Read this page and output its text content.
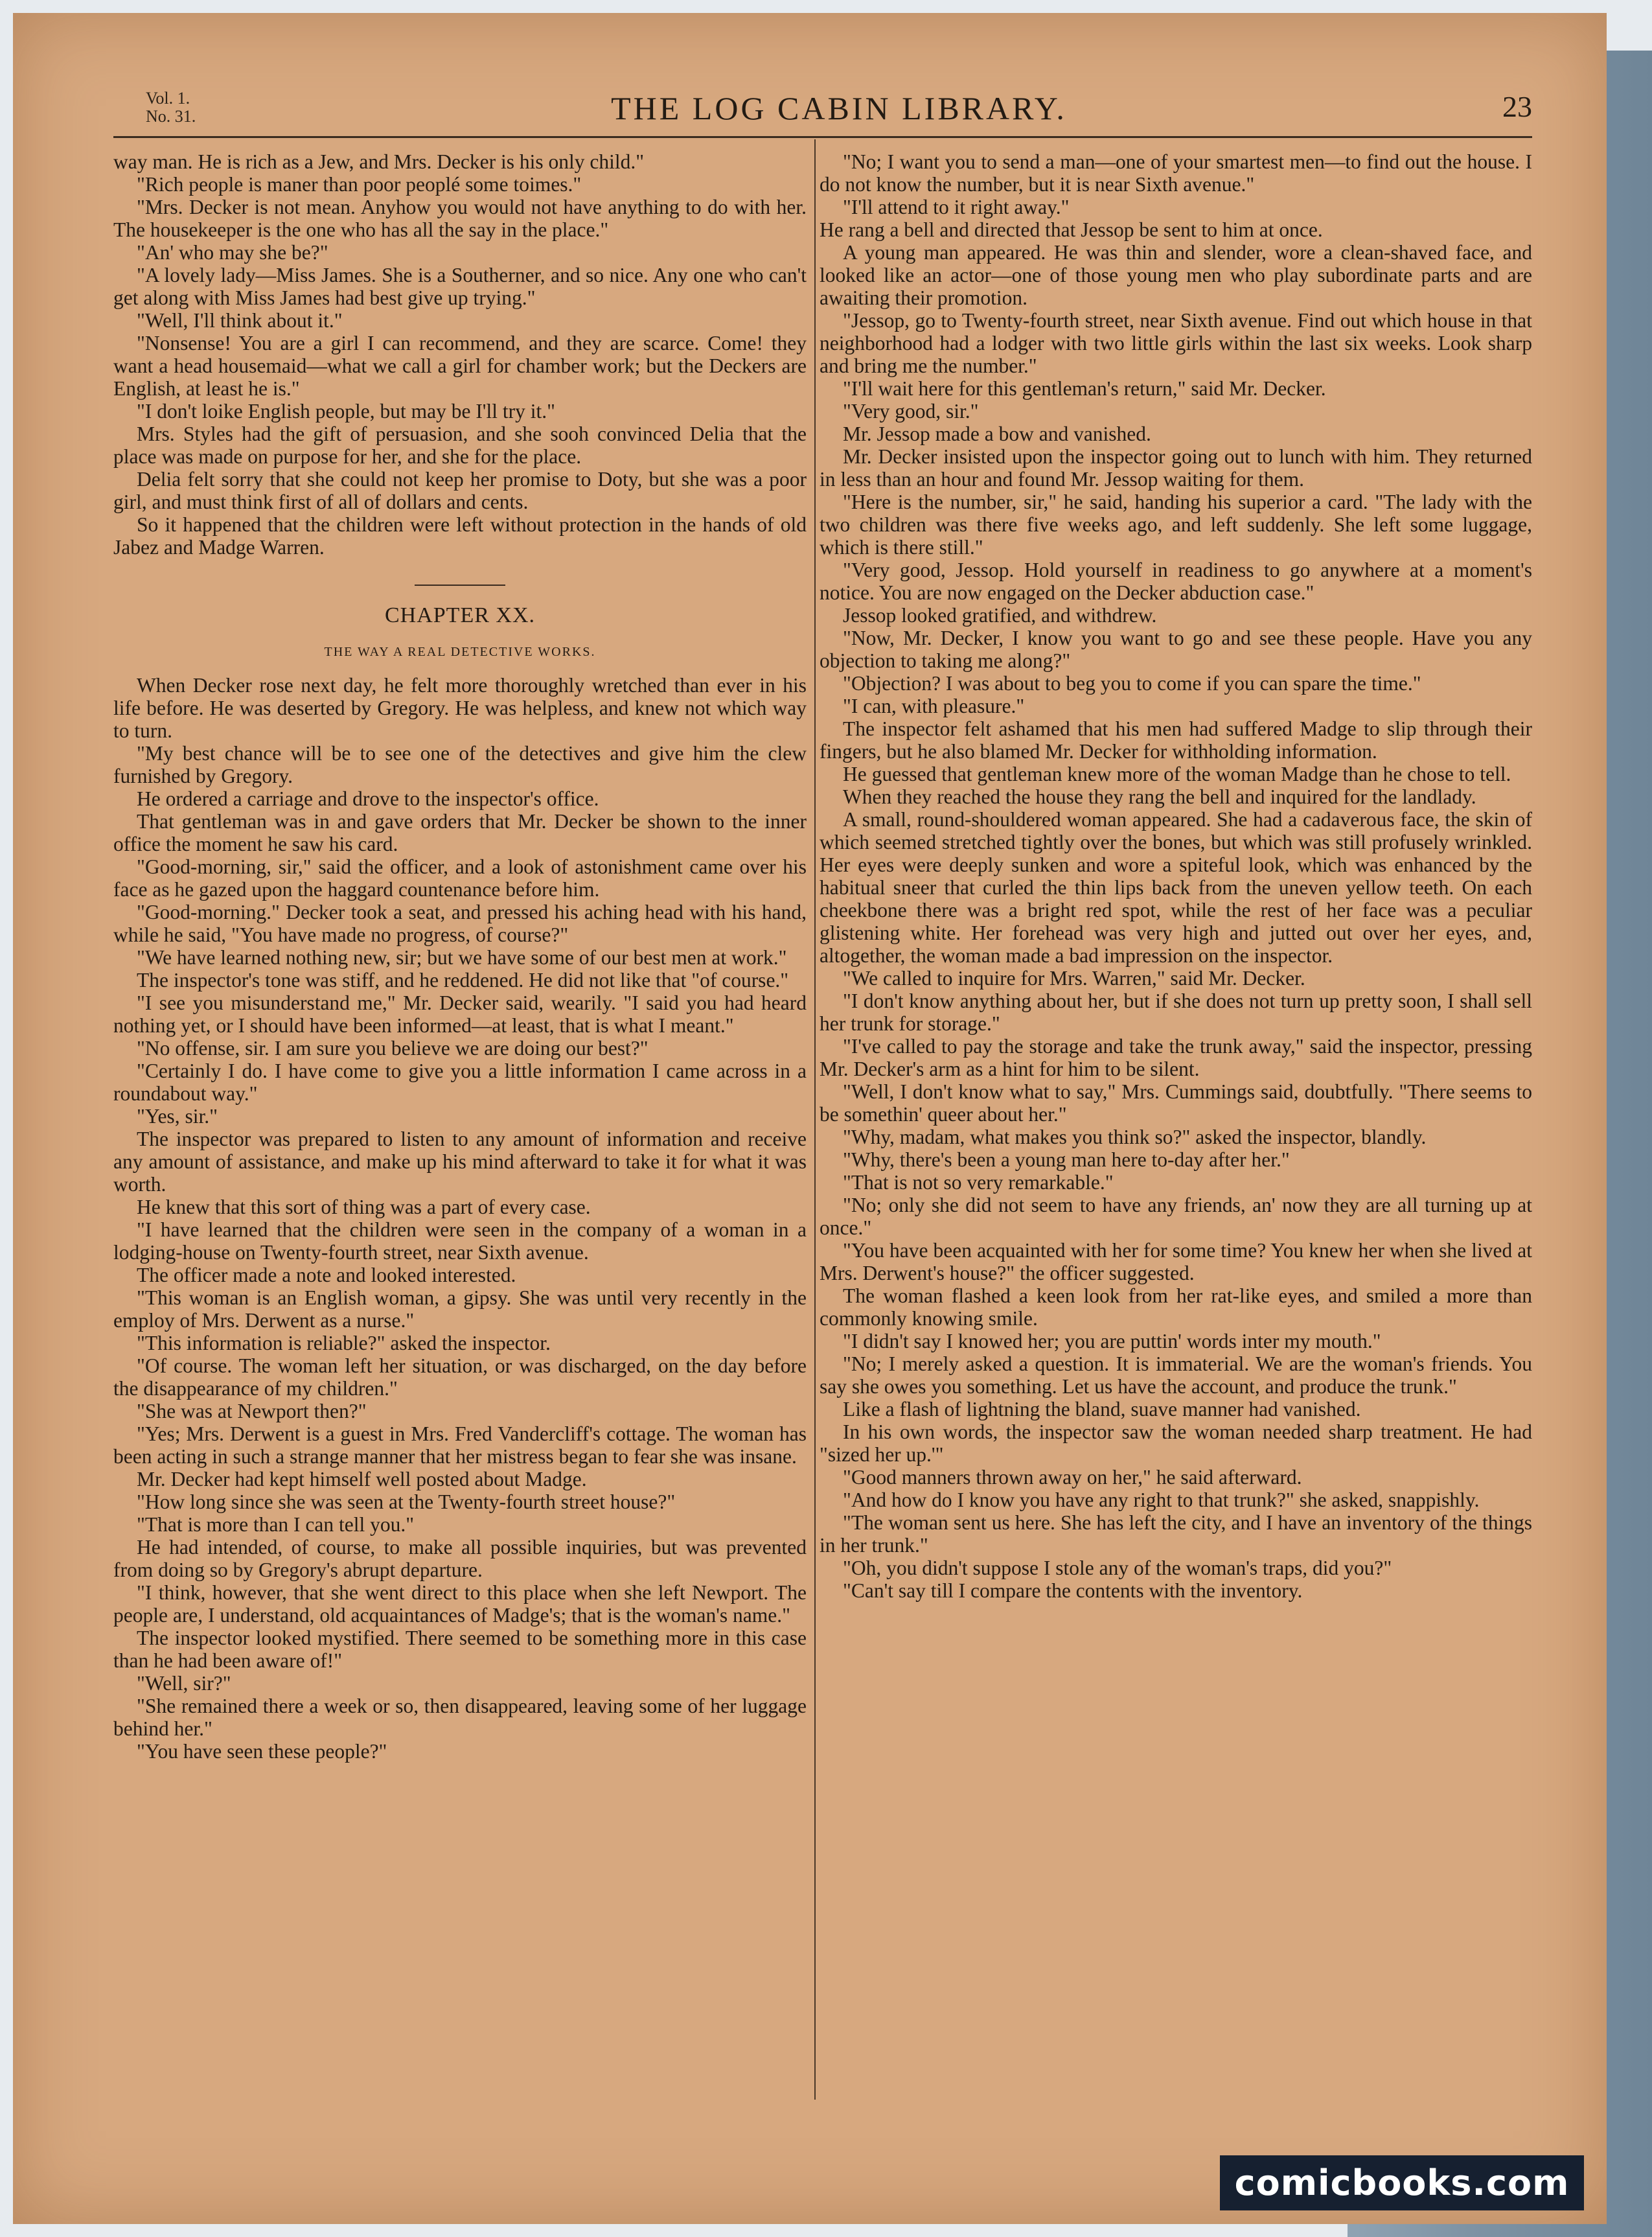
Vol. 1.
No. 31.	THE LOG CABIN LIBRARY.	23

way man. He is rich as a Jew, and Mrs. Decker is his only child."

"Rich people is maner than poor peoplé some toimes."

"Mrs. Decker is not mean. Anyhow you would not have anything to do with her. The housekeeper is the one who has all the say in the place."

"An' who may she be?"

"A lovely lady—Miss James. She is a Southerner, and so nice. Any one who can't get along with Miss James had best give up trying."

"Well, I'll think about it."

"Nonsense! You are a girl I can recommend, and they are scarce. Come! they want a head housemaid—what we call a girl for chamber work; but the Deckers are English, at least he is."

"I don't loike English people, but may be I'll try it."

Mrs. Styles had the gift of persuasion, and she sooh convinced Delia that the place was made on purpose for her, and she for the place.

Delia felt sorry that she could not keep her promise to Doty, but she was a poor girl, and must think first of all of dollars and cents.

So it happened that the children were left without protection in the hands of old Jabez and Madge Warren.

CHAPTER XX.

THE WAY A REAL DETECTIVE WORKS.

When Decker rose next day, he felt more thoroughly wretched than ever in his life before. He was deserted by Gregory. He was helpless, and knew not which way to turn.

"My best chance will be to see one of the detectives and give him the clew furnished by Gregory.

He ordered a carriage and drove to the inspector's office.

That gentleman was in and gave orders that Mr. Decker be shown to the inner office the moment he saw his card.

"Good-morning, sir," said the officer, and a look of astonishment came over his face as he gazed upon the haggard countenance before him.

"Good-morning." Decker took a seat, and pressed his aching head with his hand, while he said, "You have made no progress, of course?"

"We have learned nothing new, sir; but we have some of our best men at work."

The inspector's tone was stiff, and he reddened. He did not like that "of course."

"I see you misunderstand me," Mr. Decker said, wearily. "I said you had heard nothing yet, or I should have been informed—at least, that is what I meant."

"No offense, sir. I am sure you believe we are doing our best?"

"Certainly I do. I have come to give you a little information I came across in a roundabout way."

"Yes, sir."

The inspector was prepared to listen to any amount of information and receive any amount of assistance, and make up his mind afterward to take it for what it was worth.

He knew that this sort of thing was a part of every case.

"I have learned that the children were seen in the company of a woman in a lodging-house on Twenty-fourth street, near Sixth avenue.

The officer made a note and looked interested.

"This woman is an English woman, a gipsy. She was until very recently in the employ of Mrs. Derwent as a nurse."

"This information is reliable?" asked the inspector.

"Of course. The woman left her situation, or was discharged, on the day before the disappearance of my children."

"She was at Newport then?"

"Yes; Mrs. Derwent is a guest in Mrs. Fred Vandercliff's cottage. The woman has been acting in such a strange manner that her mistress began to fear she was insane.

Mr. Decker had kept himself well posted about Madge.

"How long since she was seen at the Twenty-fourth street house?"

"That is more than I can tell you."

He had intended, of course, to make all possible inquiries, but was prevented from doing so by Gregory's abrupt departure.

"I think, however, that she went direct to this place when she left Newport. The people are, I understand, old acquaintances of Madge's; that is the woman's name."

The inspector looked mystified. There seemed to be something more in this case than he had been aware of!"

"Well, sir?"

"She remained there a week or so, then disappeared, leaving some of her luggage behind her."

"You have seen these people?"

"No; I want you to send a man—one of your smartest men—to find out the house. I do not know the number, but it is near Sixth avenue."

"I'll attend to it right away."

He rang a bell and directed that Jessop be sent to him at once.

A young man appeared. He was thin and slender, wore a clean-shaved face, and looked like an actor—one of those young men who play subordinate parts and are awaiting their promotion.

"Jessop, go to Twenty-fourth street, near Sixth avenue. Find out which house in that neighborhood had a lodger with two little girls within the last six weeks. Look sharp and bring me the number."

"I'll wait here for this gentleman's return," said Mr. Decker.

"Very good, sir."

Mr. Jessop made a bow and vanished.

Mr. Decker insisted upon the inspector going out to lunch with him. They returned in less than an hour and found Mr. Jessop waiting for them.

"Here is the number, sir," he said, handing his superior a card. "The lady with the two children was there five weeks ago, and left suddenly. She left some luggage, which is there still."

"Very good, Jessop. Hold yourself in readiness to go anywhere at a moment's notice. You are now engaged on the Decker abduction case."

Jessop looked gratified, and withdrew.

"Now, Mr. Decker, I know you want to go and see these people. Have you any objection to taking me along?"

"Objection? I was about to beg you to come if you can spare the time."

"I can, with pleasure."

The inspector felt ashamed that his men had suffered Madge to slip through their fingers, but he also blamed Mr. Decker for withholding information.

He guessed that gentleman knew more of the woman Madge than he chose to tell.

When they reached the house they rang the bell and inquired for the landlady.

A small, round-shouldered woman appeared. She had a cadaverous face, the skin of which seemed stretched tightly over the bones, but which was still profusely wrinkled. Her eyes were deeply sunken and wore a spiteful look, which was enhanced by the habitual sneer that curled the thin lips back from the uneven yellow teeth. On each cheekbone there was a bright red spot, while the rest of her face was a peculiar glistening white. Her forehead was very high and jutted out over her eyes, and, altogether, the woman made a bad impression on the inspector.

"We called to inquire for Mrs. Warren," said Mr. Decker.

"I don't know anything about her, but if she does not turn up pretty soon, I shall sell her trunk for storage."

"I've called to pay the storage and take the trunk away," said the inspector, pressing Mr. Decker's arm as a hint for him to be silent.

"Well, I don't know what to say," Mrs. Cummings said, doubtfully. "There seems to be somethin' queer about her."

"Why, madam, what makes you think so?" asked the inspector, blandly.

"Why, there's been a young man here to-day after her."

"That is not so very remarkable."

"No; only she did not seem to have any friends, an' now they are all turning up at once."

"You have been acquainted with her for some time? You knew her when she lived at Mrs. Derwent's house?" the officer suggested.

The woman flashed a keen look from her rat-like eyes, and smiled a more than commonly knowing smile.

"I didn't say I knowed her; you are puttin' words inter my mouth."

"No; I merely asked a question. It is immaterial. We are the woman's friends. You say she owes you something. Let us have the account, and produce the trunk."

Like a flash of lightning the bland, suave manner had vanished.

In his own words, the inspector saw the woman needed sharp treatment. He had "sized her up.'"

"Good manners thrown away on her," he said afterward.

"And how do I know you have any right to that trunk?" she asked, snappishly.

"The woman sent us here. She has left the city, and I have an inventory of the things in her trunk."

"Oh, you didn't suppose I stole any of the woman's traps, did you?"

"Can't say till I compare the contents with the inventory.

comicbooks.com
